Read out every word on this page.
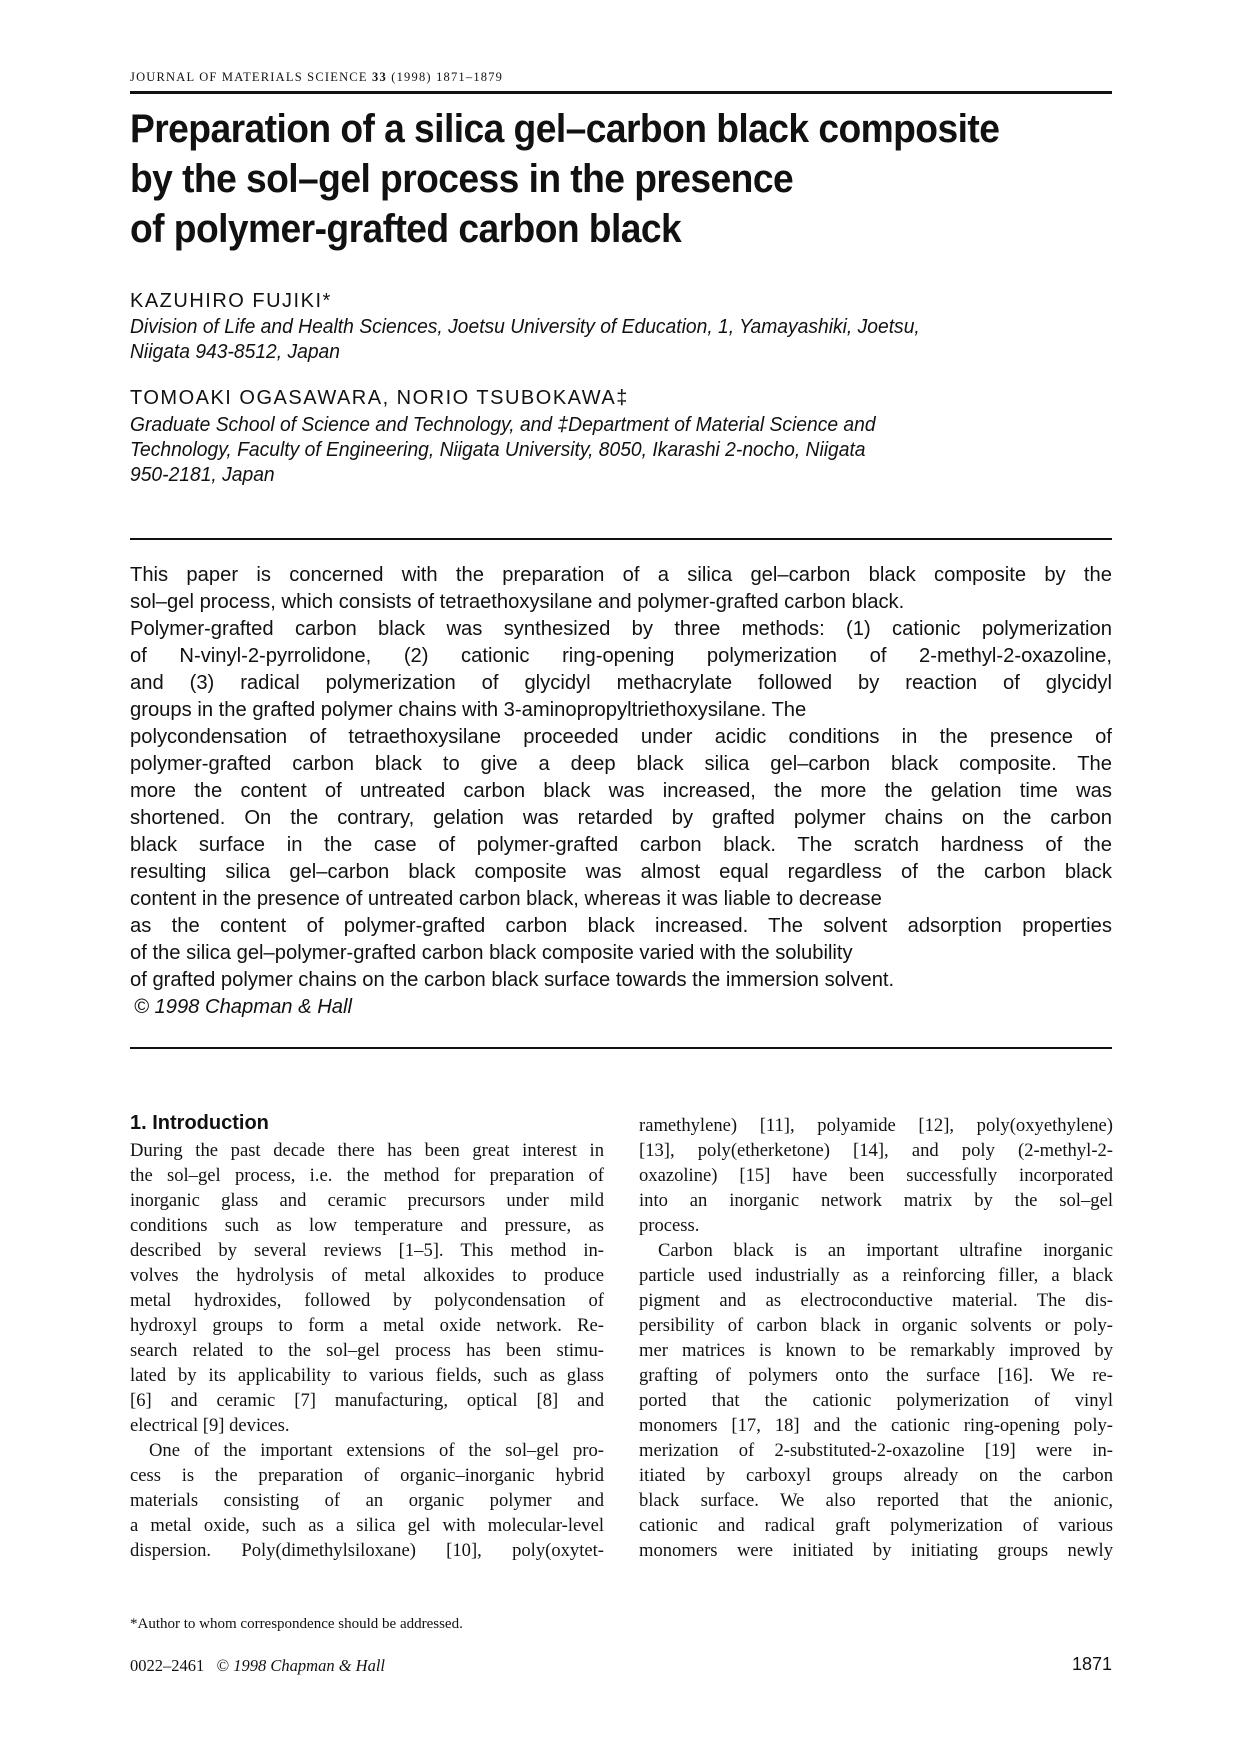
JOURNAL OF MATERIALS SCIENCE 33 (1998) 1871–1879
Preparation of a silica gel–carbon black composite
by the sol–gel process in the presence
of polymer-grafted carbon black
KAZUHIRO FUJIKI*
Division of Life and Health Sciences, Joetsu University of Education, 1, Yamayashiki, Joetsu,
Niigata 943-8512, Japan
TOMOAKI OGASAWARA, NORIO TSUBOKAWA‡
Graduate School of Science and Technology, and ‡Department of Material Science and
Technology, Faculty of Engineering, Niigata University, 8050, Ikarashi 2-nocho, Niigata
950-2181, Japan
This paper is concerned with the preparation of a silica gel–carbon black composite by the
sol–gel process, which consists of tetraethoxysilane and polymer-grafted carbon black.
Polymer-grafted carbon black was synthesized by three methods: (1) cationic polymerization
of N-vinyl-2-pyrrolidone, (2) cationic ring-opening polymerization of 2-methyl-2-oxazoline,
and (3) radical polymerization of glycidyl methacrylate followed by reaction of glycidyl
groups in the grafted polymer chains with 3-aminopropyltriethoxysilane. The
polycondensation of tetraethoxysilane proceeded under acidic conditions in the presence of
polymer-grafted carbon black to give a deep black silica gel–carbon black composite. The
more the content of untreated carbon black was increased, the more the gelation time was
shortened. On the contrary, gelation was retarded by grafted polymer chains on the carbon
black surface in the case of polymer-grafted carbon black. The scratch hardness of the
resulting silica gel–carbon black composite was almost equal regardless of the carbon black
content in the presence of untreated carbon black, whereas it was liable to decrease
as the content of polymer-grafted carbon black increased. The solvent adsorption properties
of the silica gel–polymer-grafted carbon black composite varied with the solubility
of grafted polymer chains on the carbon black surface towards the immersion solvent.
© 1998 Chapman & Hall
1. Introduction
During the past decade there has been great interest in
the sol–gel process, i.e. the method for preparation of
inorganic glass and ceramic precursors under mild
conditions such as low temperature and pressure, as
described by several reviews [1–5]. This method in-
volves the hydrolysis of metal alkoxides to produce
metal hydroxides, followed by polycondensation of
hydroxyl groups to form a metal oxide network. Re-
search related to the sol–gel process has been stimu-
lated by its applicability to various fields, such as glass
[6] and ceramic [7] manufacturing, optical [8] and
electrical [9] devices.
One of the important extensions of the sol–gel pro-
cess is the preparation of organic–inorganic hybrid
materials consisting of an organic polymer and
a metal oxide, such as a silica gel with molecular-level
dispersion. Poly(dimethylsiloxane) [10], poly(oxytet-
ramethylene) [11], polyamide [12], poly(oxyethylene)
[13], poly(etherketone) [14], and poly (2-methyl-2-
oxazoline) [15] have been successfully incorporated
into an inorganic network matrix by the sol–gel
process.
Carbon black is an important ultrafine inorganic
particle used industrially as a reinforcing filler, a black
pigment and as electroconductive material. The dis-
persibility of carbon black in organic solvents or poly-
mer matrices is known to be remarkably improved by
grafting of polymers onto the surface [16]. We re-
ported that the cationic polymerization of vinyl
monomers [17, 18] and the cationic ring-opening poly-
merization of 2-substituted-2-oxazoline [19] were in-
itiated by carboxyl groups already on the carbon
black surface. We also reported that the anionic,
cationic and radical graft polymerization of various
monomers were initiated by initiating groups newly
*Author to whom correspondence should be addressed.
0022–2461 © 1998 Chapman & Hall	1871
